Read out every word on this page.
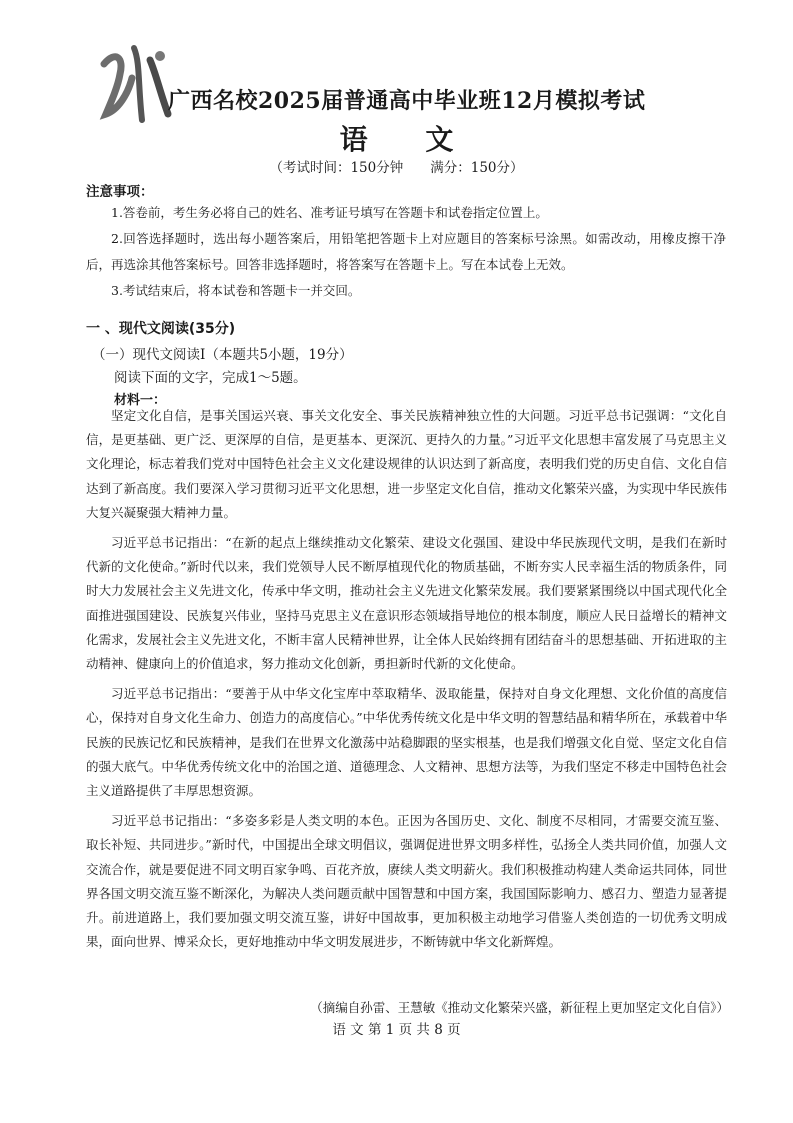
广西名校2025届普通高中毕业班12月模拟考试
语 文
（考试时间：150分钟　　满分：150分）
注意事项：

1.答卷前，考生务必将自己的姓名、准考证号填写在答题卡和试卷指定位置上。

2.回答选择题时，选出每小题答案后，用铅笔把答题卡上对应题目的答案标号涂黑。如需改动，用橡皮擦干净后，再选涂其他答案标号。回答非选择题时，将答案写在答题卡上。写在本试卷上无效。

3.考试结束后，将本试卷和答题卡一并交回。

一 、现代文阅读(35分)
（一）现代文阅读Ⅰ（本题共5小题，19分）
阅读下面的文字，完成1～5题。
材料一：

坚定文化自信，是事关国运兴衰、事关文化安全、事关民族精神独立性的大问题。习近平总书记强调：“文化自信，是更基础、更广泛、更深厚的自信，是更基本、更深沉、更持久的力量。”习近平文化思想丰富发展了马克思主义文化理论，标志着我们党对中国特色社会主义文化建设规律的认识达到了新高度，表明我们党的历史自信、文化自信达到了新高度。我们要深入学习贯彻习近平文化思想，进一步坚定文化自信，推动文化繁荣兴盛，为实现中华民族伟大复兴凝聚强大精神力量。

习近平总书记指出：“在新的起点上继续推动文化繁荣、建设文化强国、建设中华民族现代文明，是我们在新时代新的文化使命。”新时代以来，我们党领导人民不断厚植现代化的物质基础，不断夯实人民幸福生活的物质条件，同时大力发展社会主义先进文化，传承中华文明，推动社会主义先进文化繁荣发展。我们要紧紧围绕以中国式现代化全面推进强国建设、民族复兴伟业，坚持马克思主义在意识形态领域指导地位的根本制度，顺应人民日益增长的精神文化需求，发展社会主义先进文化，不断丰富人民精神世界，让全体人民始终拥有团结奋斗的思想基础、开拓进取的主动精神、健康向上的价值追求，努力推动文化创新，勇担新时代新的文化使命。

习近平总书记指出：“要善于从中华文化宝库中萃取精华、汲取能量，保持对自身文化理想、文化价值的高度信心，保持对自身文化生命力、创造力的高度信心。”中华优秀传统文化是中华文明的智慧结晶和精华所在，承载着中华民族的民族记忆和民族精神，是我们在世界文化激荡中站稳脚跟的坚实根基，也是我们增强文化自觉、坚定文化自信的强大底气。中华优秀传统文化中的治国之道、道德理念、人文精神、思想方法等，为我们坚定不移走中国特色社会主义道路提供了丰厚思想资源。

习近平总书记指出：“多姿多彩是人类文明的本色。正因为各国历史、文化、制度不尽相同，才需要交流互鉴、取长补短、共同进步。”新时代，中国提出全球文明倡议，强调促进世界文明多样性，弘扬全人类共同价值，加强人文交流合作，就是要促进不同文明百家争鸣、百花齐放，赓续人类文明薪火。我们积极推动构建人类命运共同体，同世界各国文明交流互鉴不断深化，为解决人类问题贡献中国智慧和中国方案，我国国际影响力、感召力、塑造力显著提升。前进道路上，我们要加强文明交流互鉴，讲好中国故事，更加积极主动地学习借鉴人类创造的一切优秀文明成果，面向世界、博采众长，更好地推动中华文明发展进步，不断铸就中华文化新辉煌。

（摘编自孙雷、王慧敏《推动文化繁荣兴盛，新征程上更加坚定文化自信》）
语 文 第 1 页 共 8 页
